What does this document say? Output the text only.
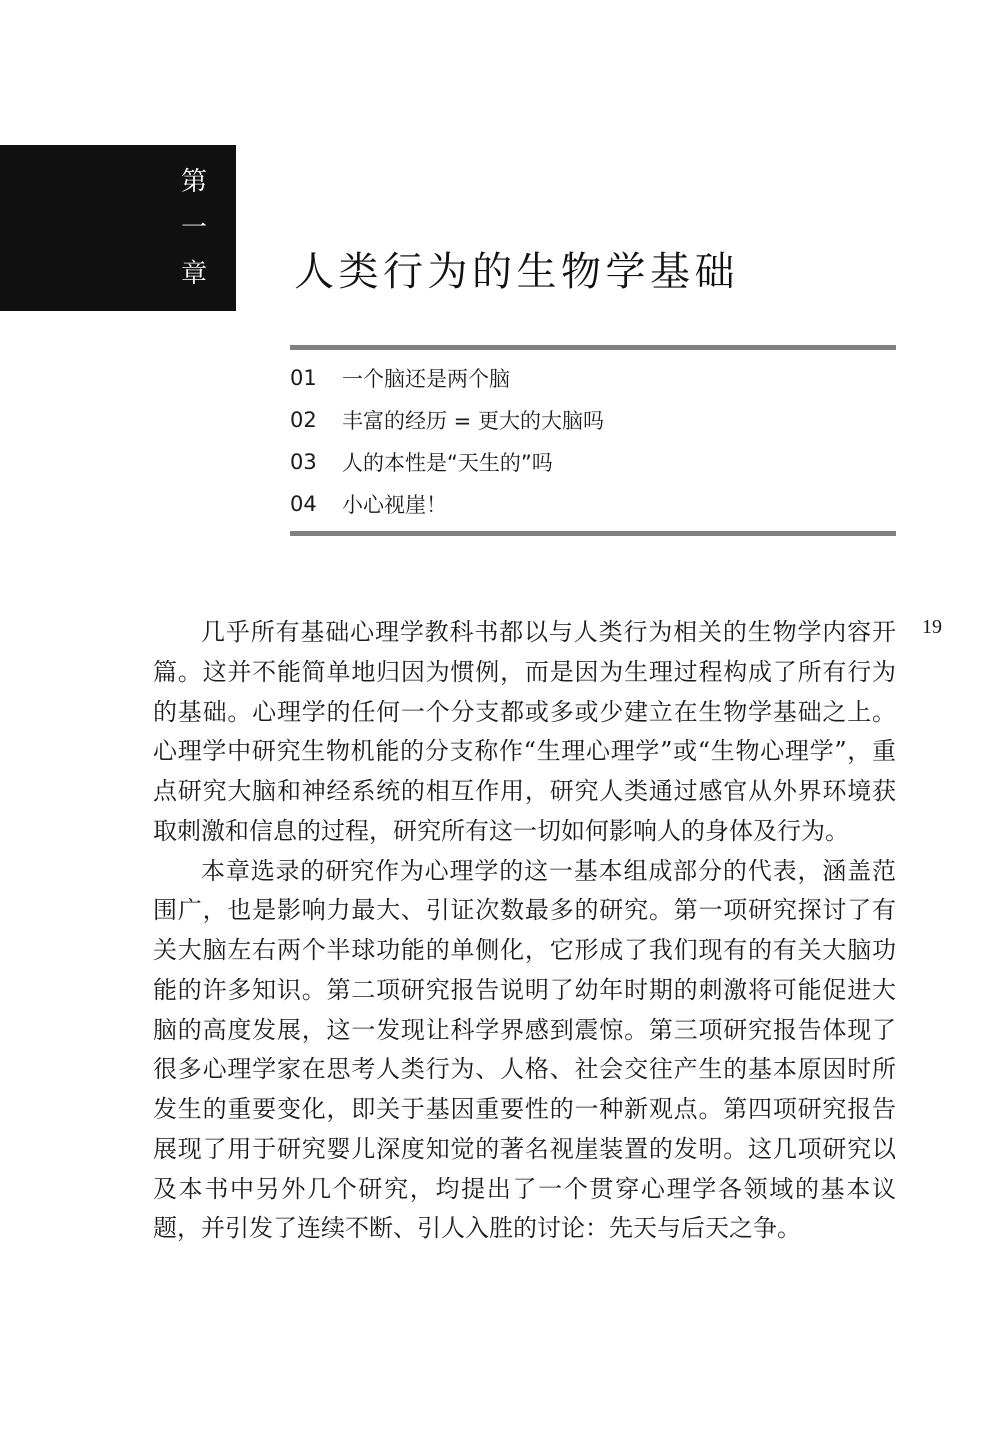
第
一
章 人类行为的生物学基础
01	一个脑还是两个脑
02	丰富的经历 = 更大的大脑吗
03	人的本性是“天生的”吗
04	小心视崖！
19

几乎所有基础心理学教科书都以与人类行为相关的生物学内容开篇。这并不能简单地归因为惯例，而是因为生理过程构成了所有行为的基础。心理学的任何一个分支都或多或少建立在生物学基础之上。心理学中研究生物机能的分支称作“生理心理学”或“生物心理学”，重点研究大脑和神经系统的相互作用，研究人类通过感官从外界环境获取刺激和信息的过程，研究所有这一切如何影响人的身体及行为。

本章选录的研究作为心理学的这一基本组成部分的代表，涵盖范围广，也是影响力最大、引证次数最多的研究。第一项研究探讨了有关大脑左右两个半球功能的单侧化，它形成了我们现有的有关大脑功能的许多知识。第二项研究报告说明了幼年时期的刺激将可能促进大脑的高度发展，这一发现让科学界感到震惊。第三项研究报告体现了很多心理学家在思考人类行为、人格、社会交往产生的基本原因时所发生的重要变化，即关于基因重要性的一种新观点。第四项研究报告展现了用于研究婴儿深度知觉的著名视崖装置的发明。这几项研究以及本书中另外几个研究，均提出了一个贯穿心理学各领域的基本议题，并引发了连续不断、引人入胜的讨论：先天与后天之争。
